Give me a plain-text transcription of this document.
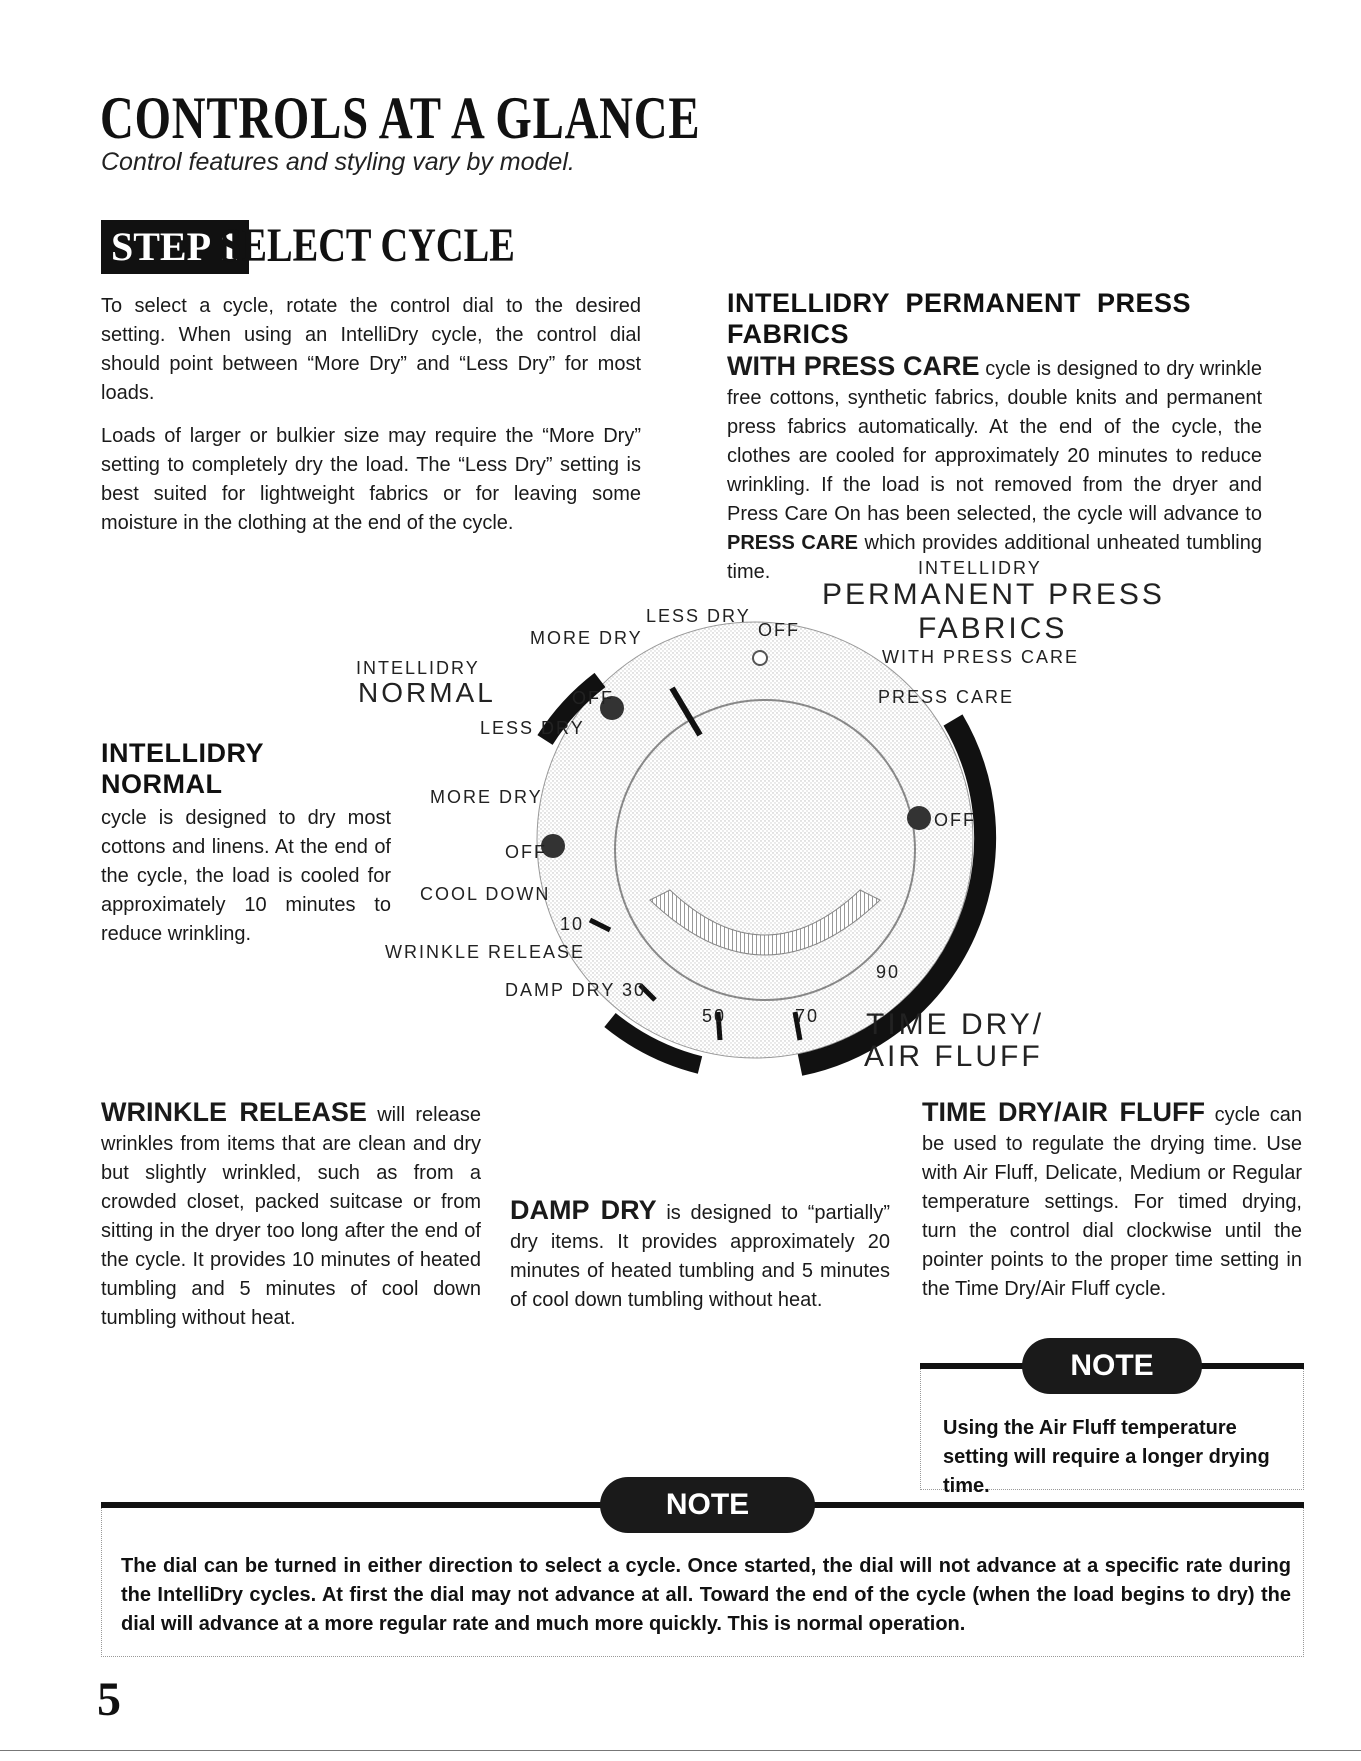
CONTROLS AT A GLANCE
Control features and styling vary by model.
STEP 1
SELECT CYCLE

To select a cycle, rotate the control dial to the desired setting. When using an IntelliDry cycle, the control dial should point between “More Dry” and “Less Dry” for most loads.

Loads of larger or bulkier size may require the “More Dry” setting to completely dry the load. The “Less Dry” setting is best suited for lightweight fabrics or for leaving some moisture in the clothing at the end of the cycle.

INTELLIDRY PERMANENT PRESS FABRICS
WITH PRESS CARE cycle is designed to dry wrinkle free cottons, synthetic fabrics, double knits and permanent press fabrics automatically. At the end of the cycle, the clothes are cooled for approximately 20 minutes to reduce wrinkling. If the load is not removed from the dryer and Press Care On has been selected, the cycle will advance to PRESS CARE which provides additional unheated tumbling time.
INTELLIDRY NORMAL
cycle is designed to dry most cottons and linens. At the end of the cycle, the load is cooled for approximately 10 minutes to reduce wrinkling.
INTELLIDRY
PERMANENT PRESS
FABRICS
WITH PRESS CARE
PRESS CARE
MORE DRY
LESS DRY
OFF
INTELLIDRY
NORMAL	OFF
LESS DRY
MORE DRY
OFF
COOL DOWN
10
WRINKLE RELEASE
DAMP DRY 30
50	70
90
OFF
TIME DRY/
AIR FLUFF
WRINKLE RELEASE will release wrinkles from items that are clean and dry but slightly wrinkled, such as from a crowded closet, packed suitcase or from sitting in the dryer too long after the end of the cycle. It provides 10 minutes of heated tumbling and 5 minutes of cool down tumbling without heat.
DAMP DRY is designed to “partially” dry items. It provides approximately 20 minutes of heated tumbling and 5 minutes of cool down tumbling without heat.
TIME DRY/AIR FLUFF cycle can be used to regulate the drying time. Use with Air Fluff, Delicate, Medium or Regular temperature settings. For timed drying, turn the control dial clockwise until the pointer points to the proper time setting in the Time Dry/Air Fluff cycle.
NOTE
Using the Air Fluff temperature setting will require a longer drying time.
NOTE
The dial can be turned in either direction to select a cycle. Once started, the dial will not advance at a specific rate during the IntelliDry cycles. At first the dial may not advance at all. Toward the end of the cycle (when the load begins to dry) the dial will advance at a more regular rate and much more quickly. This is normal operation.
5
